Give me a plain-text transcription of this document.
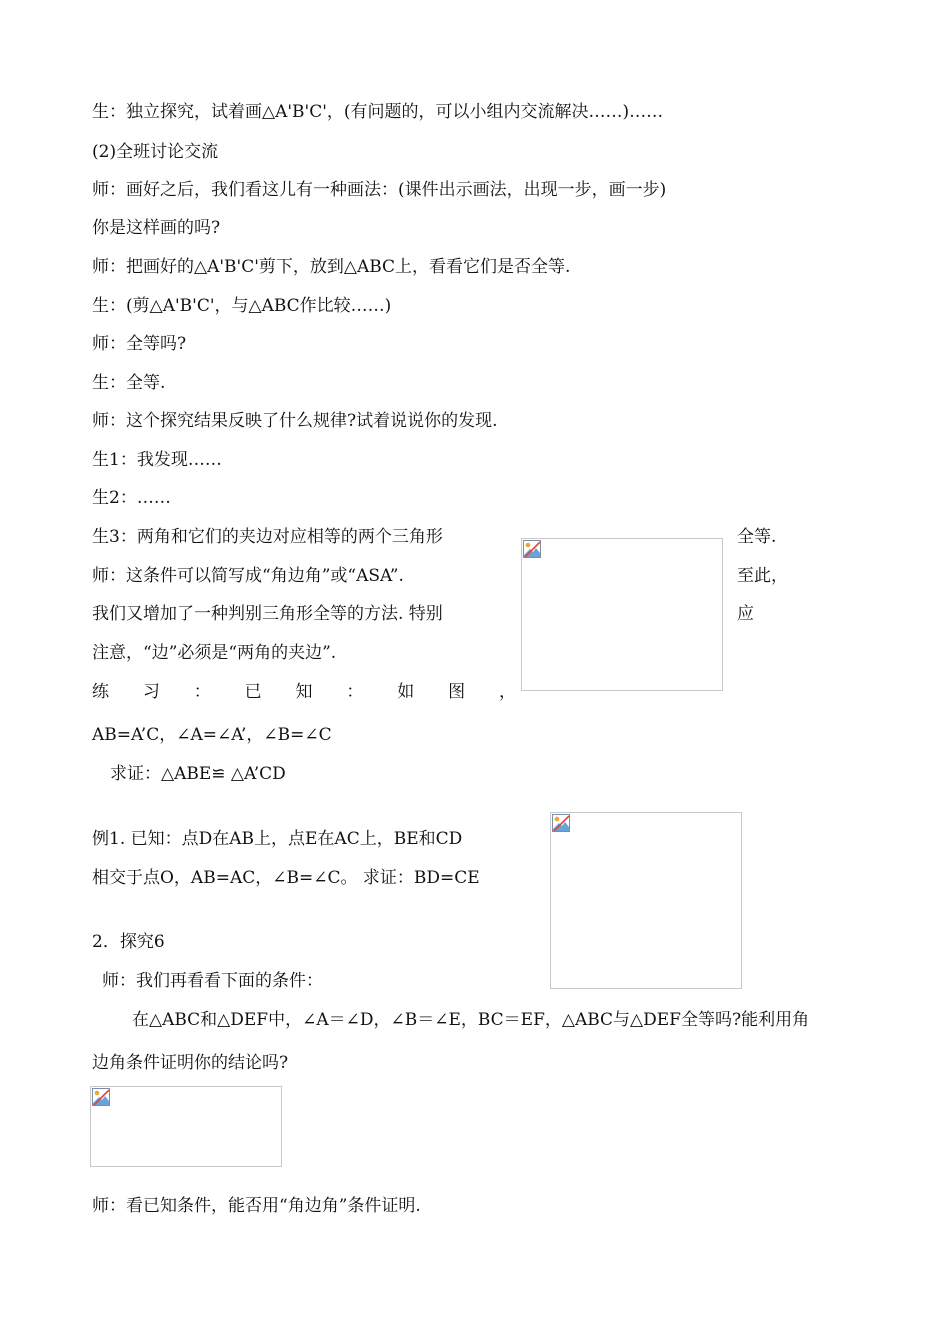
生：独立探究，试着画△A'B'C'，(有问题的，可以小组内交流解决……)……
(2)全班讨论交流
师：画好之后，我们看这儿有一种画法：(课件出示画法，出现一步，画一步)
你是这样画的吗?
师：把画好的△A'B'C'剪下，放到△ABC上，看看它们是否全等.
生：(剪△A'B'C'，与△ABC作比较……)
师：全等吗?
生：全等.
师：这个探究结果反映了什么规律?试着说说你的发现.
生1：我发现……
生2：……
生3：两角和它们的夹边对应相等的两个三角形	全等.
师：这条件可以简写成“角边角”或“ASA”.	至此，
我们又增加了一种判别三角形全等的方法. 特别	应
注意，“边”必须是“两角的夹边”.
练 习 ： 已 知 ： 如 图 ，
AB=A’C，∠A=∠A’，∠B=∠C
求证：△ABE≌ △A’CD
例1. 已知：点D在AB上，点E在AC上，BE和CD
相交于点O，AB=AC，∠B=∠C。 求证：BD=CE
2．探究6
师：我们再看看下面的条件：
在△ABC和△DEF中，∠A＝∠D，∠B＝∠E，BC＝EF，△ABC与△DEF全等吗?能利用角
边角条件证明你的结论吗?
师：看已知条件，能否用“角边角”条件证明.
